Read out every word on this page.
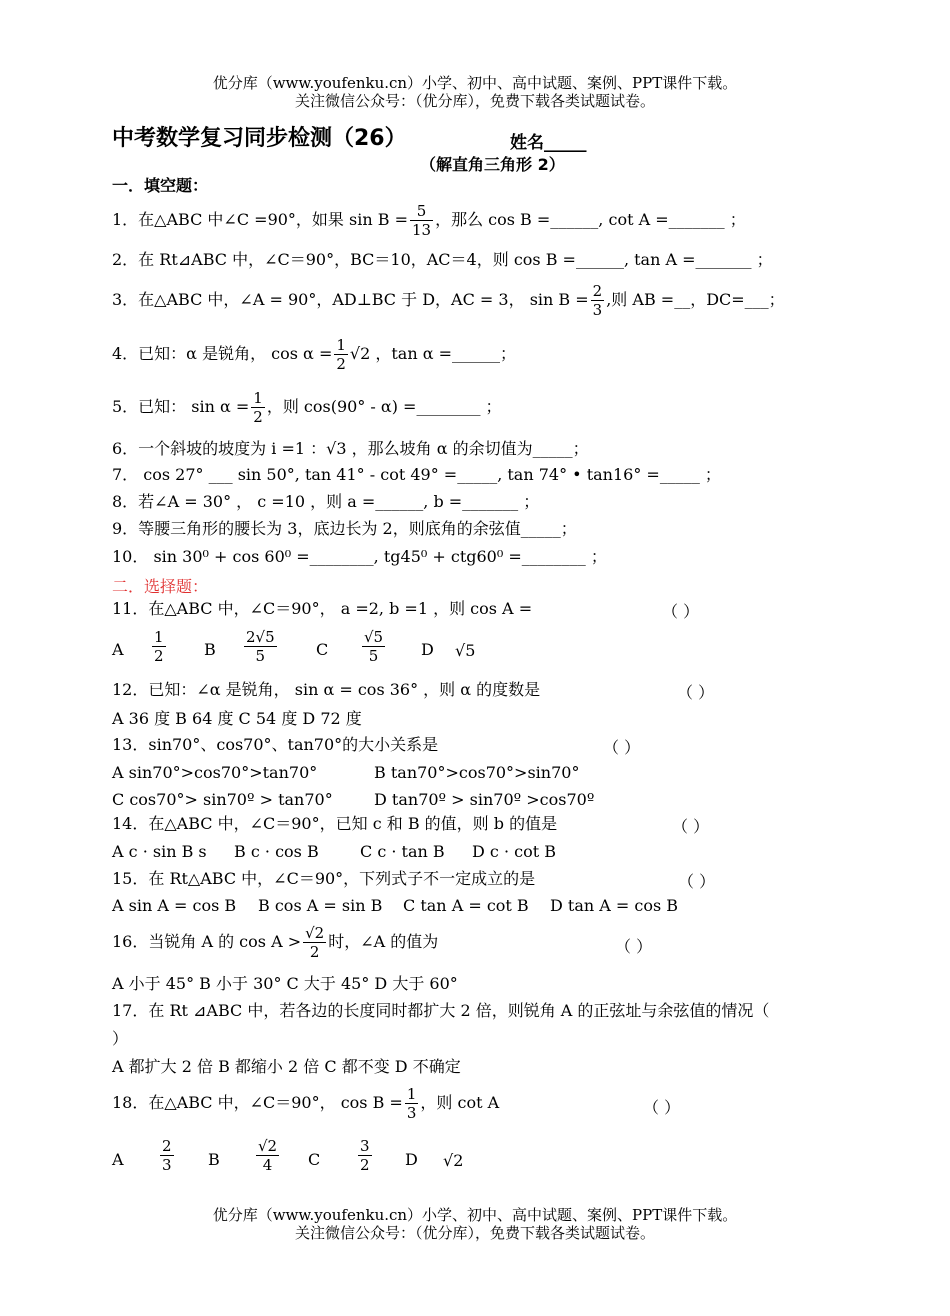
优分库（www.youfenku.cn）小学、初中、高中试题、案例、PPT课件下载。
关注微信公众号：（优分库），免费下载各类试题试卷。
中考数学复习同步检测（26）	姓名_____
（解直角三角形 2）
一．填空题：
1．在△ABC 中∠C =90°，如果 $\sin B = \frac{5}{13}$ ，那么 cos B =______, cot A =_______ ；
2．在 Rt⊿ABC 中，∠C＝90°，BC＝10，AC＝4，则 cos B =______, tan A =_______ ；
3．在△ABC 中，∠A = 90°，AD⊥BC 于 D，AC = 3， $\sin B = \frac{2}{3}$ ,则 AB =__，DC=___；
4．已知：α 是锐角， $\cos \alpha = \frac{1}{2} √2$ ，tan α =______；
5．已知： $\sin \alpha = \frac{1}{2}$ ，则 cos(90° - α) =________ ；
6．一个斜坡的坡度为 i =1 ：√3 ，那么坡角 α 的余切值为_____；
7． cos 27° ___ sin 50°, tan 41° - cot 49° =_____, tan 74° • tan16° =_____ ；
8．若∠A = 30° ， c =10 ，则 a =______, b =_______ ；
9．等腰三角形的腰长为 3，底边长为 2，则底角的余弦值_____；
10． sin 30⁰ + cos 60⁰ =________, tg45⁰ + ctg60⁰ =________ ；
二．选择题：
11．在△ABC 中，∠C＝90°， a =2, b =1 ，则 cos A =	（ ）
A $\frac{1}{2}$ B $\frac{2√5}{5}$ C $\frac{√5}{5}$ D √5
12．已知：∠α 是锐角， sin α = cos 36° ，则 α 的度数是	（ ）
A 36 度 B 64 度 C 54 度 D 72 度
13．sin70°、cos70°、tan70°的大小关系是	（ ）
A sin70°>cos70°>tan70°	B tan70°>cos70°>sin70°
C cos70°> sin70º > tan70°	D tan70º > sin70º >cos70º
14．在△ABC 中，∠C＝90°，已知 c 和 B 的值，则 b 的值是	（ ）
A c · sin B s B c · cos B	C c · tan B D c · cot B
15．在 Rt△ABC 中，∠C＝90°，下列式子不一定成立的是	（ ）
A sin A = cos B B cos A = sin B C tan A = cot B D tan A = cos B
16．当锐角 A 的 $\cos A > \frac{√2}{2}$ 时，∠A 的值为	（ ）
A 小于 45° B 小于 30° C 大于 45° D 大于 60°
17．在 Rt ⊿ABC 中，若各边的长度同时都扩大 2 倍，则锐角 A 的正弦址与余弦值的情况（
）
A 都扩大 2 倍 B 都缩小 2 倍 C 都不变 D 不确定
18．在△ABC 中，∠C＝90°， $\cos B = \frac{1}{3}$ ，则 cot A	（ ）
A $\frac{2}{3}$ B $\frac{√2}{4}$ C	$\frac{3}{2}$ D √2
优分库（www.youfenku.cn）小学、初中、高中试题、案例、PPT课件下载。
关注微信公众号：（优分库），免费下载各类试题试卷。
